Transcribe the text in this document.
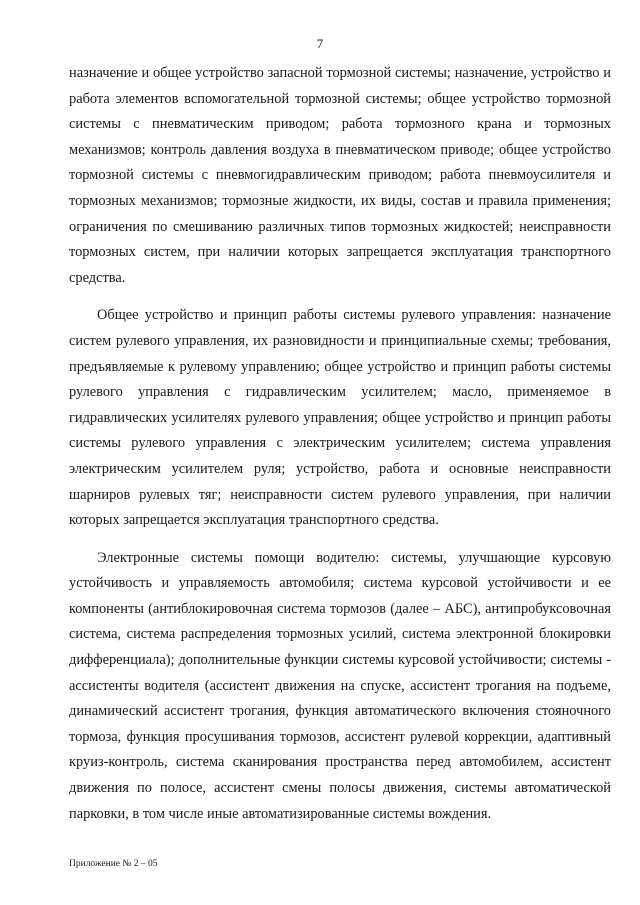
7

назначение и общее устройство запасной тормозной системы; назначение, устройство и работа элементов вспомогательной тормозной системы; общее устройство тормозной системы с пневматическим приводом; работа тормозного крана и тормозных механизмов; контроль давления воздуха в пневматическом приводе; общее устройство тормозной системы с пневмогидравлическим приводом; работа пневмоусилителя и тормозных механизмов; тормозные жидкости, их виды, состав и правила применения; ограничения по смешиванию различных типов тормозных жидкостей; неисправности тормозных систем, при наличии которых запрещается эксплуатация транспортного средства.

Общее устройство и принцип работы системы рулевого управления: назначение систем рулевого управления, их разновидности и принципиальные схемы; требования, предъявляемые к рулевому управлению; общее устройство и принцип работы системы рулевого управления с гидравлическим усилителем; масло, применяемое в гидравлических усилителях рулевого управления; общее устройство и принцип работы системы рулевого управления с электрическим усилителем; система управления электрическим усилителем руля; устройство, работа и основные неисправности шарниров рулевых тяг; неисправности систем рулевого управления, при наличии которых запрещается эксплуатация транспортного средства.

Электронные системы помощи водителю: системы, улучшающие курсовую устойчивость и управляемость автомобиля; система курсовой устойчивости и ее компоненты (антиблокировочная система тормозов (далее – АБС), антипробуксовочная система, система распределения тормозных усилий, система электронной блокировки дифференциала); дополнительные функции системы курсовой устойчивости; системы - ассистенты водителя (ассистент движения на спуске, ассистент трогания на подъеме, динамический ассистент трогания, функция автоматического включения стояночного тормоза, функция просушивания тормозов, ассистент рулевой коррекции, адаптивный круиз-контроль, система сканирования пространства перед автомобилем, ассистент движения по полосе, ассистент смены полосы движения, системы автоматической парковки, в том числе иные автоматизированные системы вождения.

Приложение № 2 – 05
